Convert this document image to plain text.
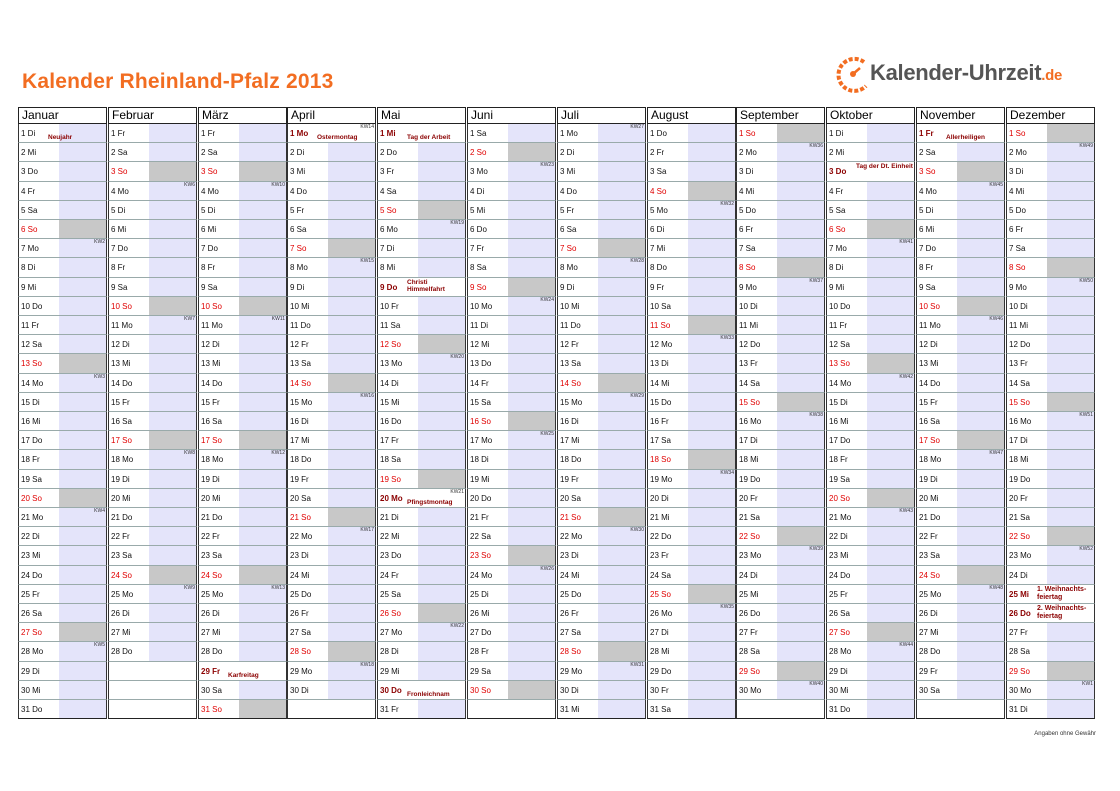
Kalender Rheinland-Pfalz 2013	Kalender-Uhrzeit.de
Januar
1 Di Neujahr
2 Mi
3 Do
4 Fr
5 Sa
6 So
7 Mo
KW2
8 Di
9 Mi
10 Do
11 Fr
12 Sa
13 So
14 Mo
KW3
15 Di
16 Mi
17 Do
18 Fr
19 Sa
20 So
21 Mo
KW4
22 Di
23 Mi
24 Do
25 Fr
26 Sa
27 So
28 Mo
KW5
29 Di
30 Mi
31 Do
Februar
1 Fr
2 Sa
3 So
4 Mo
KW6
5 Di
6 Mi
7 Do
8 Fr
9 Sa
10 So
11 Mo
KW7
12 Di
13 Mi
14 Do
15 Fr
16 Sa
17 So
18 Mo
KW8
19 Di
20 Mi
21 Do
22 Fr
23 Sa
24 So
25 Mo
KW9
26 Di
27 Mi
28 Do
März
1 Fr
2 Sa
3 So
4 Mo
KW10
5 Di
6 Mi
7 Do
8 Fr
9 Sa
10 So
11 Mo
KW11
12 Di
13 Mi
14 Do
15 Fr
16 Sa
17 So
18 Mo
KW12
19 Di
20 Mi
21 Do
22 Fr
23 Sa
24 So
25 Mo
KW13
26 Di
27 Mi
28 Do
29 Fr Karfreitag
30 Sa
31 So
April
1 Mo Ostermontag
KW14
2 Di
3 Mi
4 Do
5 Fr
6 Sa
7 So
8 Mo
KW15
9 Di
10 Mi
11 Do
12 Fr
13 Sa
14 So
15 Mo
KW16
16 Di
17 Mi
18 Do
19 Fr
20 Sa
21 So
22 Mo
KW17
23 Di
24 Mi
25 Do
26 Fr
27 Sa
28 So
29 Mo
KW18
30 Di
Mai
1 Mi Tag der Arbeit
2 Do
3 Fr
4 Sa
5 So
6 Mo
KW19
7 Di
8 Mi
9 Do
Christi Himmelfahrt
10 Fr
11 Sa
12 So
13 Mo
KW20
14 Di
15 Mi
16 Do
17 Fr
18 Sa
19 So
20 Mo Pfingstmontag
KW21
21 Di
22 Mi
23 Do
24 Fr
25 Sa
26 So
27 Mo
KW22
28 Di
29 Mi
30 Do Fronleichnam
31 Fr
Juni
1 Sa
2 So
3 Mo
KW23
4 Di
5 Mi
6 Do
7 Fr
8 Sa
9 So
10 Mo
KW24
11 Di
12 Mi
13 Do
14 Fr
15 Sa
16 So
17 Mo
KW25
18 Di
19 Mi
20 Do
21 Fr
22 Sa
23 So
24 Mo
KW26
25 Di
26 Mi
27 Do
28 Fr
29 Sa
30 So
Juli
1 Mo
KW27
2 Di
3 Mi
4 Do
5 Fr
6 Sa
7 So
8 Mo
KW28
9 Di
10 Mi
11 Do
12 Fr
13 Sa
14 So
15 Mo
KW29
16 Di
17 Mi
18 Do
19 Fr
20 Sa
21 So
22 Mo
KW30
23 Di
24 Mi
25 Do
26 Fr
27 Sa
28 So
29 Mo
KW31
30 Di
31 Mi
August
1 Do
2 Fr
3 Sa
4 So
5 Mo
KW32
6 Di
7 Mi
8 Do
9 Fr
10 Sa
11 So
12 Mo
KW33
13 Di
14 Mi
15 Do
16 Fr
17 Sa
18 So
19 Mo
KW34
20 Di
21 Mi
22 Do
23 Fr
24 Sa
25 So
26 Mo
KW35
27 Di
28 Mi
29 Do
30 Fr
31 Sa
September
1 So
2 Mo
KW36
3 Di
4 Mi
5 Do
6 Fr
7 Sa
8 So
9 Mo
KW37
10 Di
11 Mi
12 Do
13 Fr
14 Sa
15 So
16 Mo
KW38
17 Di
18 Mi
19 Do
20 Fr
21 Sa
22 So
23 Mo
KW39
24 Di
25 Mi
26 Do
27 Fr
28 Sa
29 So
30 Mo
KW40
Oktober
1 Di
2 Mi
3 Do
Tag der Dt. Einheit
4 Fr
5 Sa
6 So
7 Mo
KW41
8 Di
9 Mi
10 Do
11 Fr
12 Sa
13 So
14 Mo
KW42
15 Di
16 Mi
17 Do
18 Fr
19 Sa
20 So
21 Mo
KW43
22 Di
23 Mi
24 Do
25 Fr
26 Sa
27 So
28 Mo
KW44
29 Di
30 Mi
31 Do
November
1 Fr Allerheiligen
2 Sa
3 So
4 Mo
KW45
5 Di
6 Mi
7 Do
8 Fr
9 Sa
10 So
11 Mo
KW46
12 Di
13 Mi
14 Do
15 Fr
16 Sa
17 So
18 Mo
KW47
19 Di
20 Mi
21 Do
22 Fr
23 Sa
24 So
25 Mo
KW48
26 Di
27 Mi
28 Do
29 Fr
30 Sa
Dezember
1 So
2 Mo
KW49
3 Di
4 Mi
5 Do
6 Fr
7 Sa
8 So
9 Mo
KW50
10 Di
11 Mi
12 Do
13 Fr
14 Sa
15 So
16 Mo
KW51
17 Di
18 Mi
19 Do
20 Fr
21 Sa
22 So
23 Mo
KW52
24 Di
25 Mi
1. Weihnachts-feiertag
26 Do
2. Weihnachts-feiertag
27 Fr
28 Sa
29 So
30 Mo
KW1
31 Di
Angaben ohne Gewähr
